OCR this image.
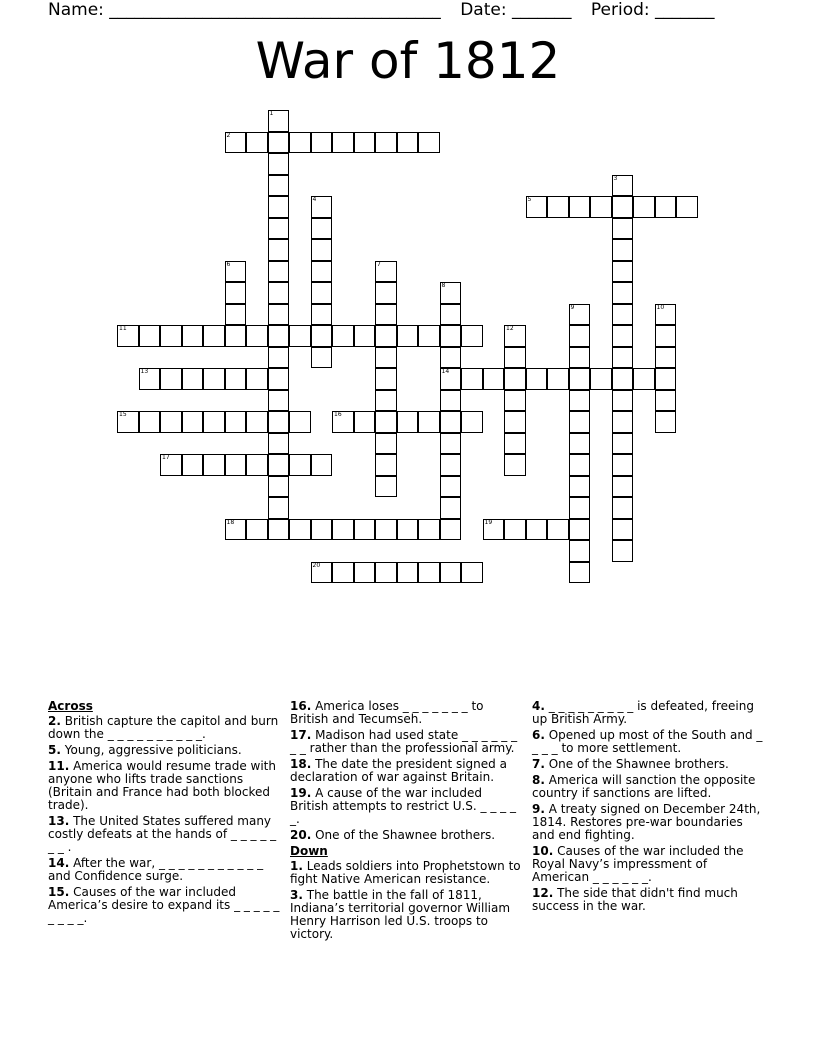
Name: _______________________________________ Date: _______ Period: _______
War of 1812
2
5
11
13	14
15	16
17
18	19
20
1
3
4
6	7
8
9	10
12
Across
2. British capture the capitol and burn down the _ _ _ _ _ _ _ _ _ _.
5. Young, aggressive politicians.
11. America would resume trade with anyone who lifts trade sanctions (Britain and France had both blocked trade).
13. The United States suffered many costly defeats at the hands of _ _ _ _ _ _ _ .
14. After the war, _ _ _ _ _ _ _ _ _ _ _ and Confidence surge.
15. Causes of the war included America’s desire to expand its _ _ _ _ _ _ _ _ _.
16. America loses _ _ _ _ _ _ _ to British and Tecumseh.
17. Madison had used state _ _ _ _ _ _ _ _ rather than the professional army.
18. The date the president signed a declaration of war against Britain.
19. A cause of the war included British attempts to restrict U.S. _ _ _ _ _.
20. One of the Shawnee brothers.
Down
1. Leads soldiers into Prophetstown to fight Native American resistance.
3. The battle in the fall of 1811, Indiana’s territorial governor William Henry Harrison led U.S. troops to victory.
4. _ _ _ _ _ _ _ _ _ is defeated, freeing up British Army.
6. Opened up most of the South and _ _ _ _ to more settlement.
7. One of the Shawnee brothers.
8. America will sanction the opposite country if sanctions are lifted.
9. A treaty signed on December 24th, 1814. Restores pre-war boundaries and end fighting.
10. Causes of the war included the Royal Navy’s impressment of American _ _ _ _ _ _.
12. The side that didn't find much success in the war.
